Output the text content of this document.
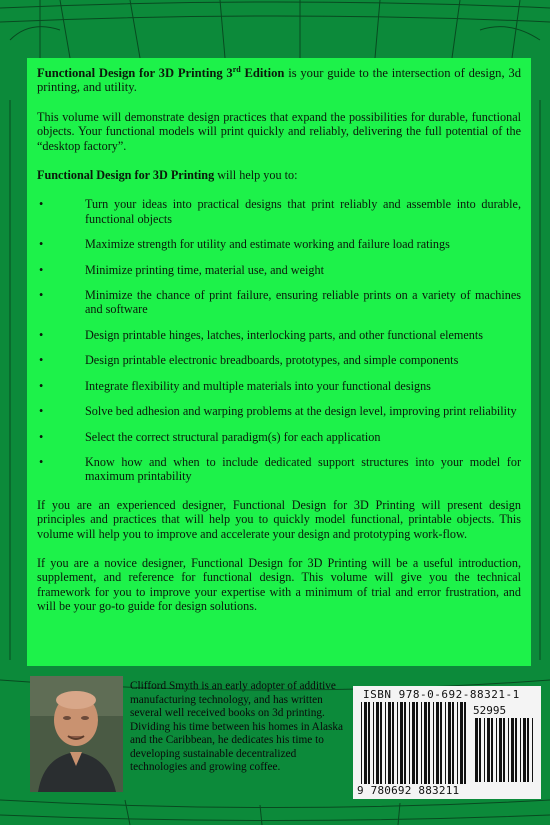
Functional Design for 3D Printing 3rd Edition is your guide to the intersection of design, 3d printing, and utility.

This volume will demonstrate design practices that expand the possibilities for durable, functional objects. Your functional models will print quickly and reliably, delivering the full potential of the “desktop factory”.

Functional Design for 3D Printing will help you to:

•	Turn your ideas into practical designs that print reliably and assemble into durable, functional objects
•	Maximize strength for utility and estimate working and failure load ratings
•	Minimize printing time, material use, and weight
•	Minimize the chance of print failure, ensuring reliable prints on a variety of machines and software
•	Design printable hinges, latches, interlocking parts, and other functional elements
•	Design printable electronic breadboards, prototypes, and simple components
•	Integrate flexibility and multiple materials into your functional designs
•	Solve bed adhesion and warping problems at the design level, improving print reliability
•	Select the correct structural paradigm(s) for each application
•	Know how and when to include dedicated support structures into your model for maximum printability

If you are an experienced designer, Functional Design for 3D Printing will present design principles and practices that will help you to quickly model functional, printable objects. This volume will help you to improve and accelerate your design and prototyping work-flow.

If you are a novice designer, Functional Design for 3D Printing will be a useful introduction, supplement, and reference for functional design. This volume will give you the technical framework for you to improve your expertise with a minimum of trial and error frustration, and will be your go-to guide for design solutions.

Clifford Smyth is an early adopter of additive manufacturing technology, and has written several well received books on 3d printing. Dividing his time between his homes in Alaska and the Caribbean, he dedicates his time to developing sustainable decentralized technologies and growing coffee.
ISBN 978-0-692-88321-1
52995
9 780692 883211
